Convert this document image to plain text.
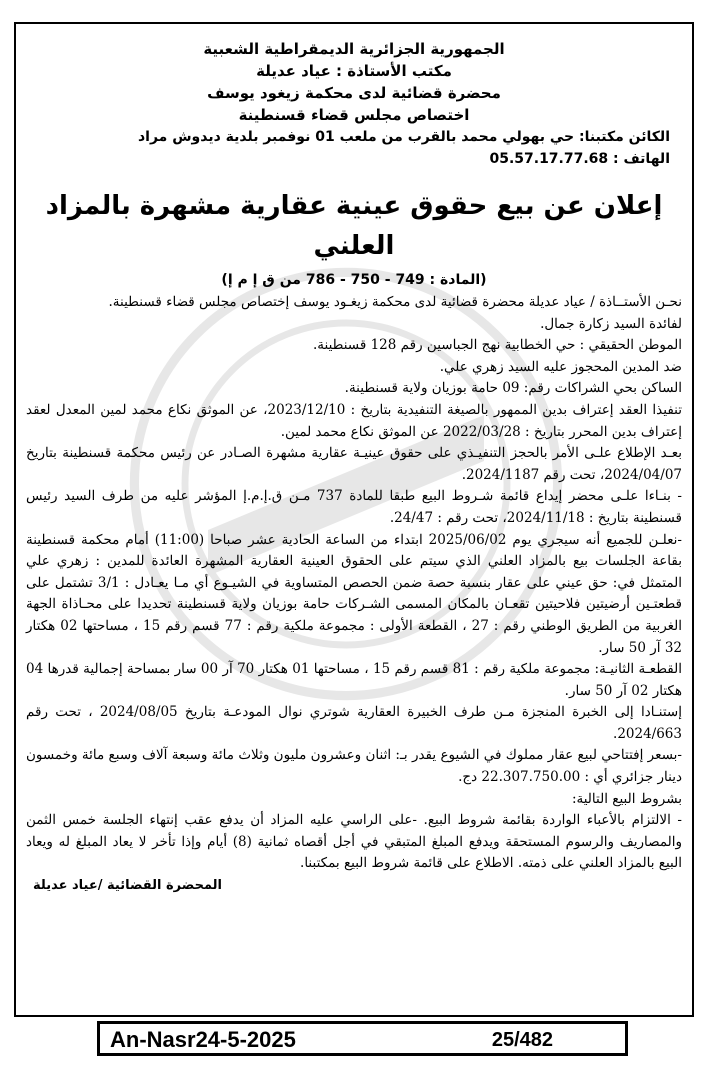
الجمهورية الجزائرية الديمقراطية الشعبية
مكتب الأستاذة : عياد عديلة
محضرة قضائية لدى محكمة زيغود يوسف
اختصاص مجلس قضاء قسنطينة
الكائن مكتبنا: حي بهولي محمد بالقرب من ملعب 01 نوفمبر بلدية ديدوش مراد
الهاتف : 05.57.17.77.68
إعلان عن بيع حقوق عينية عقارية مشهرة بالمزاد العلني
(المادة : 749 - 750 - 786 من ق إ م إ)

نحـن الأستــاذة / عياد عديلة محضرة قضائية لدى محكمة زيغـود يوسف إختصاص مجلس قضاء قسنطينة.

لفائدة السيد زكارة جمال.

الموطن الحقيقي : حي الخطابية نهج الجباسين رقم 128 قسنطينة.

ضد المدين المحجوز عليه السيد زهري علي.

الساكن بحي الشراكات رقم: 09 حامة بوزيان ولاية قسنطينة.

تنفيذا العقد إعتراف بدين الممهور بالصيغة التنفيدية بتاريخ : 2023/12/10، عن الموثق نكاع محمد لمين المعدل لعقد إعتراف بدين المحرر بتاريخ : 2022/03/28 عن الموثق نكاع محمد لمين.

بعـد الإطلاع علـى الأمر بالحجز التنفيـذي على حقوق عينيـة عقارية مشهرة الصـادر عن رئيس محكمة قسنطينة بتاريخ 2024/04/07، تحت رقم 2024/1187.

- بنـاءا علـى محضر إيداع قائمة شـروط البيع طبقا للمادة 737 مـن ق.إ.م.إ المؤشر عليه من طرف السيد رئيس قسنطينة بتاريخ : 2024/11/18، تحت رقم : 24/47.

-نعلـن للجميع أنه سيجري يوم 2025/06/02 ابتداء من الساعة الحادية عشر صباحا (11:00) أمام محكمة قسنطينة بقاعة الجلسات بيع بالمزاد العلني الذي سيتم على الحقوق العينية العقارية المشهرة العائدة للمدين : زهري علي المتمثل في: حق عيني على عقار بنسبة حصة ضمن الحصص المتساوية في الشيـوع أي مـا يعـادل : 3/1 تشتمل على قطعتـين أرضيتين فلاحيتين تقعـان بالمكان المسمى الشـركات حامة بوزيان ولاية قسنطينة تحديدا على محـاذاة الجهة الغربية من الطريق الوطني رقم : 27 ، القطعة الأولى : مجموعة ملكية رقم : 77 قسم رقم 15 ، مساحتها 02 هكتار 32 آر 50 سار.

القطعـة الثانيـة: مجموعة ملكية رقم : 81 قسم رقم 15 ، مساحتها 01 هكتار 70 آر 00 سار بمساحة إجمالية قدرها 04 هكتار 02 آر 50 سار.

إستنـادا إلى الخبرة المنجزة مـن طرف الخبيرة العقارية شوتري نوال المودعـة بتاريخ 2024/08/05 ، تحت رقم 2024/663.

-بسعر إفتتاحي لبيع عقار مملوك في الشيوع يقدر بـ: اثنان وعشرون مليون وثلاث مائة وسبعة آلاف وسبع مائة وخمسون دينار جزائري أي : 22.307.750.00 دج.

بشروط البيع التالية:

- الالتزام بالأعباء الواردة بقائمة شروط البيع. -على الراسي عليه المزاد أن يدفع عقب إنتهاء الجلسة خمس الثمن والمصاريف والرسوم المستحقة ويدفع المبلغ المتبقي في أجل أقصاه ثمانية (8) أيام وإذا تأخر لا يعاد المبلغ له ويعاد البيع بالمزاد العلني على ذمته. الاطلاع على قائمة شروط البيع بمكتبنا.

المحضرة القضائية /عياد عديلة
An-Nasr24-5-2025	25/482
